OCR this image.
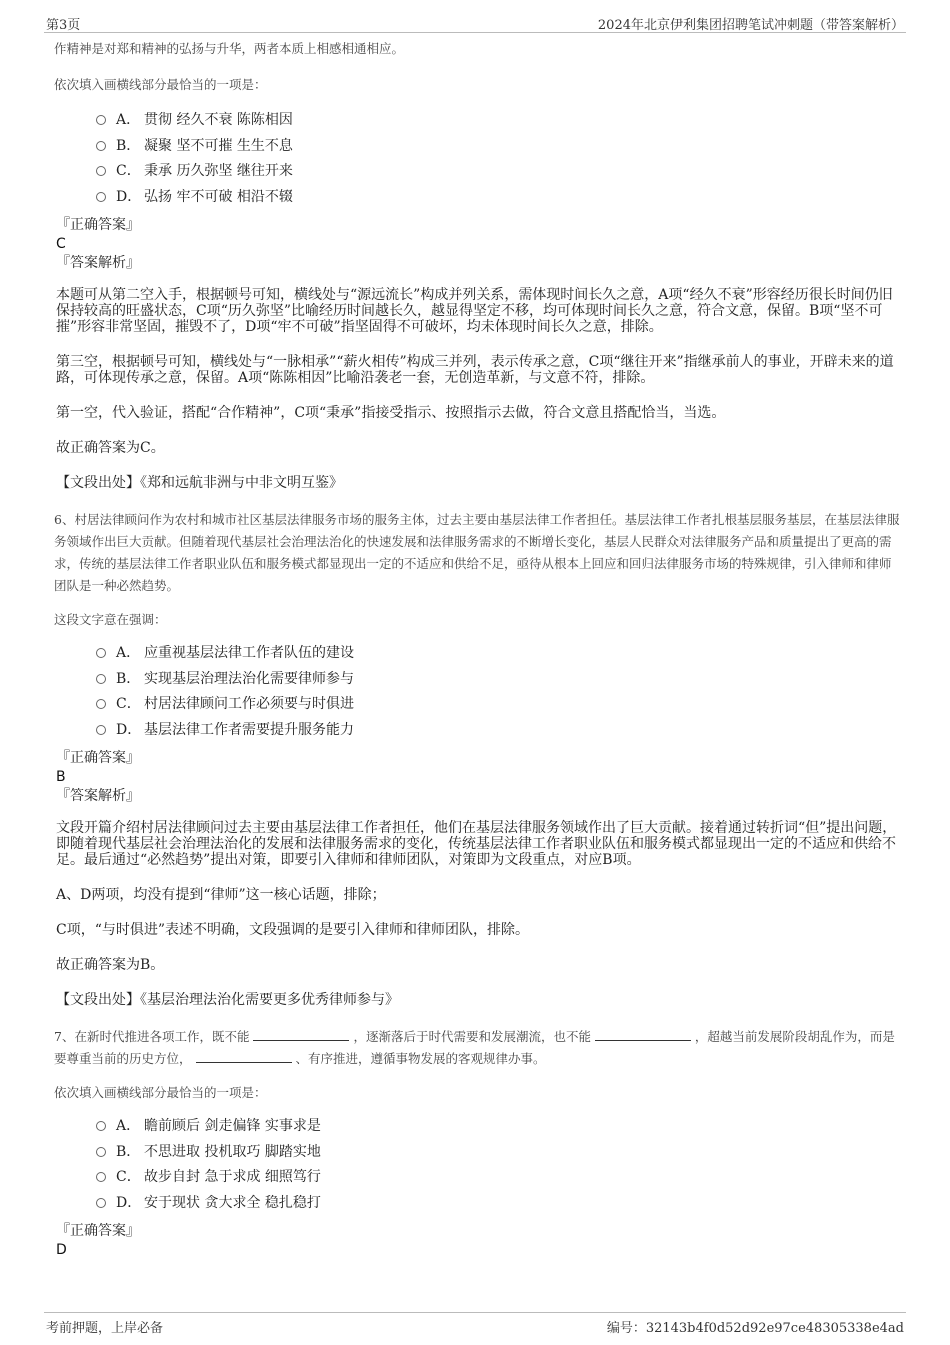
第3页	2024年北京伊利集团招聘笔试冲刺题（带答案解析）

作精神是对郑和精神的弘扬与升华，两者本质上相感相通相应。

依次填入画横线部分最恰当的一项是：

A． 贯彻 经久不衰 陈陈相因
B． 凝聚 坚不可摧 生生不息
C． 秉承 历久弥坚 继往开来
D． 弘扬 牢不可破 相沿不辍
『正确答案』
C
『答案解析』

本题可从第二空入手，根据顿号可知，横线处与“源远流长”构成并列关系，需体现时间长久之意，A项“经久不衰”形容经历很长时间仍旧保持较高的旺盛状态，C项“历久弥坚”比喻经历时间越长久，越显得坚定不移，均可体现时间长久之意，符合文意，保留。B项“坚不可摧”形容非常坚固，摧毁不了，D项“牢不可破”指坚固得不可破坏，均未体现时间长久之意，排除。

第三空，根据顿号可知，横线处与“一脉相承”“薪火相传”构成三并列，表示传承之意，C项“继往开来”指继承前人的事业，开辟未来的道路，可体现传承之意，保留。A项“陈陈相因”比喻沿袭老一套，无创造革新，与文意不符，排除。

第一空，代入验证，搭配“合作精神”，C项“秉承”指接受指示、按照指示去做，符合文意且搭配恰当，当选。

故正确答案为C。

【文段出处】《郑和远航非洲与中非文明互鉴》

6、村居法律顾问作为农村和城市社区基层法律服务市场的服务主体，过去主要由基层法律工作者担任。基层法律工作者扎根基层服务基层，在基层法律服务领域作出巨大贡献。但随着现代基层社会治理法治化的快速发展和法律服务需求的不断增长变化，基层人民群众对法律服务产品和质量提出了更高的需求，传统的基层法律工作者职业队伍和服务模式都显现出一定的不适应和供给不足，亟待从根本上回应和回归法律服务市场的特殊规律，引入律师和律师团队是一种必然趋势。

这段文字意在强调：

A． 应重视基层法律工作者队伍的建设
B． 实现基层治理法治化需要律师参与
C． 村居法律顾问工作必须要与时俱进
D． 基层法律工作者需要提升服务能力
『正确答案』
B
『答案解析』

文段开篇介绍村居法律顾问过去主要由基层法律工作者担任，他们在基层法律服务领域作出了巨大贡献。接着通过转折词“但”提出问题，即随着现代基层社会治理法治化的发展和法律服务需求的变化，传统基层法律工作者职业队伍和服务模式都显现出一定的不适应和供给不足。最后通过“必然趋势”提出对策，即要引入律师和律师团队，对策即为文段重点，对应B项。

A、D两项，均没有提到“律师”这一核心话题，排除；

C项，“与时俱进”表述不明确，文段强调的是要引入律师和律师团队，排除。

故正确答案为B。

【文段出处】《基层治理法治化需要更多优秀律师参与》

7、在新时代推进各项工作，既不能	，逐渐落后于时代需要和发展潮流，也不能	，超越当前发展阶段胡乱作为，而是要尊重当前的历史方位，	、有序推进，遵循事物发展的客观规律办事。

依次填入画横线部分最恰当的一项是：

A． 瞻前顾后 剑走偏锋 实事求是
B． 不思进取 投机取巧 脚踏实地
C． 故步自封 急于求成 细照笃行
D． 安于现状 贪大求全 稳扎稳打
『正确答案』
D
考前押题，上岸必备	编号：32143b4f0d52d92e97ce48305338e4ad
